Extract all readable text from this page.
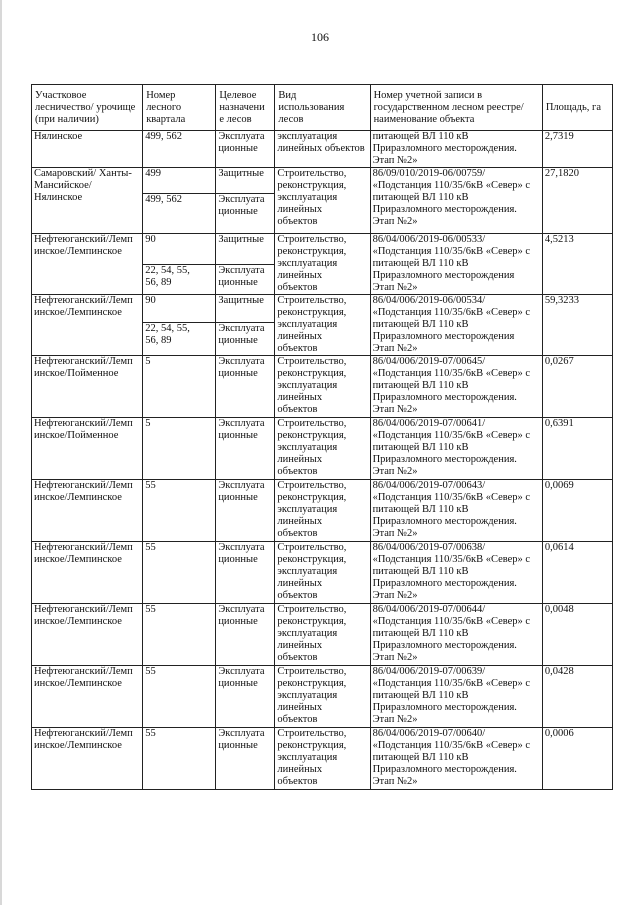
106
Участковое
лесничество/ урочище
(при наличии)	Номер
лесного
квартала	Целевое
назначени
е лесов	Вид
использования
лесов	Номер учетной записи в
государственном лесном реестре/
наименование объекта	Площадь, га
Нялинское	499, 562	Эксплуата
ционные	эксплуатация
линейных объектов	питающей ВЛ 110 кВ
Приразломного месторождения.
Этап №2»	2,7319
Самаровский/ Ханты-
Мансийское/
Нялинское	499	Защитные	Строительство,
реконструкция,
эксплуатация
линейных
объектов	86/09/010/2019-06/00759/
«Подстанция 110/35/6кВ «Север» с
питающей ВЛ 110 кВ
Приразломного месторождения.
Этап №2»	27,1820
	499, 562	Эксплуата
ционные			
Нефтеюганский/Лемп
инское/Лемпинское	90	Защитные	Строительство,
реконструкция,
эксплуатация
линейных
объектов	86/04/006/2019-06/00533/
«Подстанция 110/35/6кВ «Север» с
питающей ВЛ 110 кВ
Приразломного месторождения
Этап №2»	4,5213
	22, 54, 55,
56, 89	Эксплуата
ционные			
Нефтеюганский/Лемп
инское/Лемпинское	90	Защитные	Строительство,
реконструкция,
эксплуатация
линейных
объектов	86/04/006/2019-06/00534/
«Подстанция 110/35/6кВ «Север» с
питающей ВЛ 110 кВ
Приразломного месторождения
Этап №2»	59,3233
	22, 54, 55,
56, 89	Эксплуата
ционные			
Нефтеюганский/Лемп
инское/Пойменное	5	Эксплуата
ционные	Строительство,
реконструкция,
эксплуатация
линейных
объектов	86/04/006/2019-07/00645/
«Подстанция 110/35/6кВ «Север» с
питающей ВЛ 110 кВ
Приразломного месторождения.
Этап №2»	0,0267
Нефтеюганский/Лемп
инское/Пойменное	5	Эксплуата
ционные	Строительство,
реконструкция,
эксплуатация
линейных
объектов	86/04/006/2019-07/00641/
«Подстанция 110/35/6кВ «Север» с
питающей ВЛ 110 кВ
Приразломного месторождения.
Этап №2»	0,6391
Нефтеюганский/Лемп
инское/Лемпинское	55	Эксплуата
ционные	Строительство,
реконструкция,
эксплуатация
линейных
объектов	86/04/006/2019-07/00643/
«Подстанция 110/35/6кВ «Север» с
питающей ВЛ 110 кВ
Приразломного месторождения.
Этап №2»	0,0069
Нефтеюганский/Лемп
инское/Лемпинское	55	Эксплуата
ционные	Строительство,
реконструкция,
эксплуатация
линейных
объектов	86/04/006/2019-07/00638/
«Подстанция 110/35/6кВ «Север» с
питающей ВЛ 110 кВ
Приразломного месторождения.
Этап №2»	0,0614
Нефтеюганский/Лемп
инское/Лемпинское	55	Эксплуата
ционные	Строительство,
реконструкция,
эксплуатация
линейных
объектов	86/04/006/2019-07/00644/
«Подстанция 110/35/6кВ «Север» с
питающей ВЛ 110 кВ
Приразломного месторождения.
Этап №2»	0,0048
Нефтеюганский/Лемп
инское/Лемпинское	55	Эксплуата
ционные	Строительство,
реконструкция,
эксплуатация
линейных
объектов	86/04/006/2019-07/00639/
«Подстанция 110/35/6кВ «Север» с
питающей ВЛ 110 кВ
Приразломного месторождения.
Этап №2»	0,0428
Нефтеюганский/Лемп
инское/Лемпинское	55	Эксплуата
ционные	Строительство,
реконструкция,
эксплуатация
линейных
объектов	86/04/006/2019-07/00640/
«Подстанция 110/35/6кВ «Север» с
питающей ВЛ 110 кВ
Приразломного месторождения.
Этап №2»	0,0006
